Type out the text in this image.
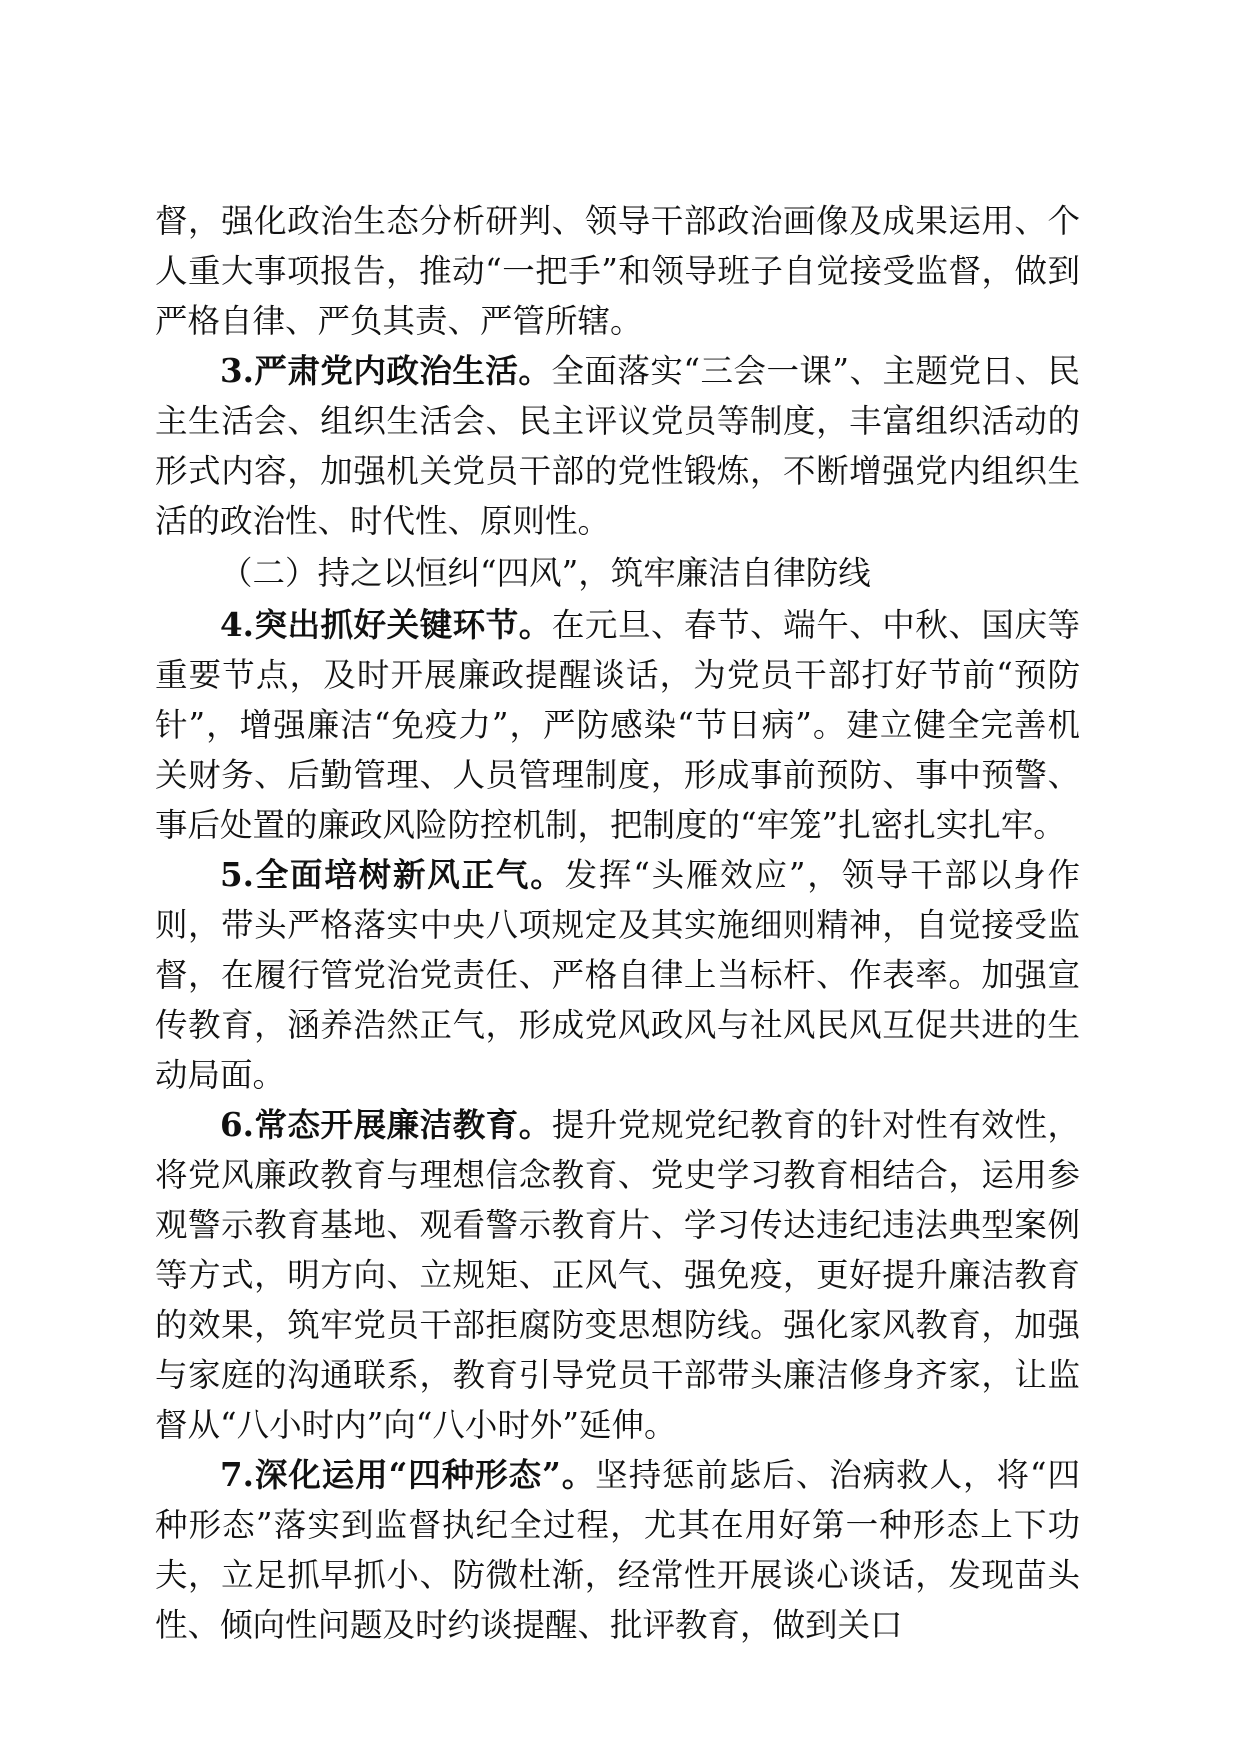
督，强化政治生态分析研判、领导干部政治画像及成果运用、个人重大事项报告，推动“一把手”和领导班子自觉接受监督，做到严格自律、严负其责、严管所辖。

3.严肃党内政治生活。全面落实“三会一课”、主题党日、民主生活会、组织生活会、民主评议党员等制度，丰富组织活动的形式内容，加强机关党员干部的党性锻炼，不断增强党内组织生活的政治性、时代性、原则性。

（二）持之以恒纠“四风”，筑牢廉洁自律防线

4.突出抓好关键环节。在元旦、春节、端午、中秋、国庆等重要节点，及时开展廉政提醒谈话，为党员干部打好节前“预防针”，增强廉洁“免疫力”，严防感染“节日病”。建立健全完善机关财务、后勤管理、人员管理制度，形成事前预防、事中预警、事后处置的廉政风险防控机制，把制度的“牢笼”扎密扎实扎牢。

5.全面培树新风正气。发挥“头雁效应”，领导干部以身作则，带头严格落实中央八项规定及其实施细则精神，自觉接受监督，在履行管党治党责任、严格自律上当标杆、作表率。加强宣传教育，涵养浩然正气，形成党风政风与社风民风互促共进的生动局面。

6.常态开展廉洁教育。提升党规党纪教育的针对性有效性，将党风廉政教育与理想信念教育、党史学习教育相结合，运用参观警示教育基地、观看警示教育片、学习传达违纪违法典型案例等方式，明方向、立规矩、正风气、强免疫，更好提升廉洁教育的效果，筑牢党员干部拒腐防变思想防线。强化家风教育，加强与家庭的沟通联系，教育引导党员干部带头廉洁修身齐家，让监督从“八小时内”向“八小时外”延伸。

7.深化运用“四种形态”。坚持惩前毖后、治病救人，将“四种形态”落实到监督执纪全过程，尤其在用好第一种形态上下功夫，立足抓早抓小、防微杜渐，经常性开展谈心谈话，发现苗头性、倾向性问题及时约谈提醒、批评教育，做到关口
